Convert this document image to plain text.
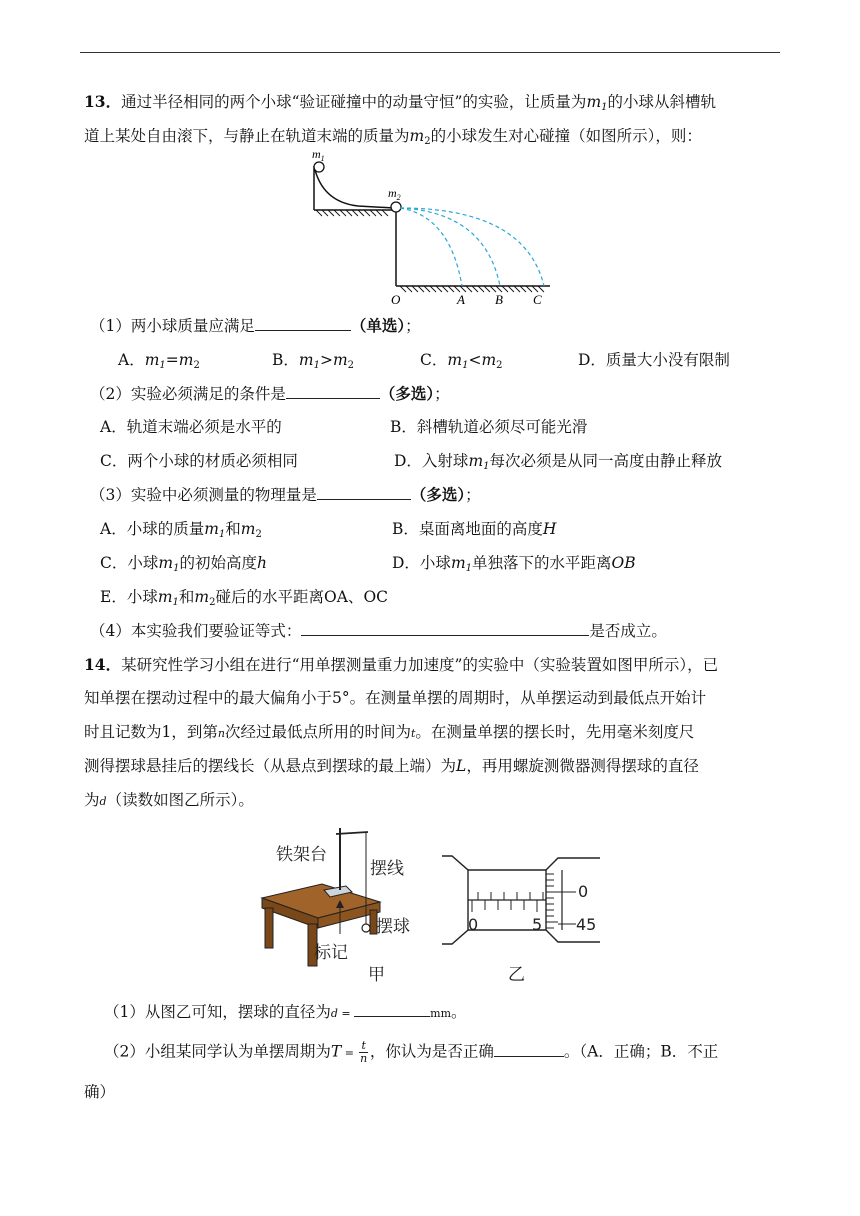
13．通过半径相同的两个小球“验证碰撞中的动量守恒”的实验，让质量为$m_1$的小球从斜槽轨
道上某处自由滚下，与静止在轨道末端的质量为$m_2$的小球发生对心碰撞（如图所示），则：
$m_1$
$m_2$
O	A B C
（1）两小球质量应满足	（单选）；
A．$m_1=m_2$	B．$m_1>m_2$	C．$m_1<m_2$	D．质量大小没有限制
（2）实验必须满足的条件是	（多选）；
A．轨道末端必须是水平的	B．斜槽轨道必须尽可能光滑
C．两个小球的材质必须相同	D．入射球$m_1$每次必须是从同一高度由静止释放
（3）实验中必须测量的物理量是	（多选）；
A．小球的质量$m_1$和$m_2$	B．桌面离地面的高度H
C．小球$m_1$的初始高度h	D．小球$m_1$单独落下的水平距离OB
E．小球$m_1$和$m_2$碰后的水平距离OA、OC
（4）本实验我们要验证等式：	是否成立。
14．某研究性学习小组在进行“用单摆测量重力加速度”的实验中（实验装置如图甲所示），已
知单摆在摆动过程中的最大偏角小于5°。在测量单摆的周期时，从单摆运动到最低点开始计
时且记数为1，到第n次经过最低点所用的时间为t。在测量单摆的摆长时，先用毫米刻度尺
测得摆球悬挂后的摆线长（从悬点到摆球的最上端）为L，再用螺旋测微器测得摆球的直径
为d（读数如图乙所示）。
铁架台
摆线
摆球
标记
甲
0	5
0
45
乙
（1）从图乙可知，摆球的直径为d =	mm。
（2）小组某同学认为单摆周期为$T = \frac{t}{n}$ ，你认为是否正确	。（A．正确；B．不正
确）
